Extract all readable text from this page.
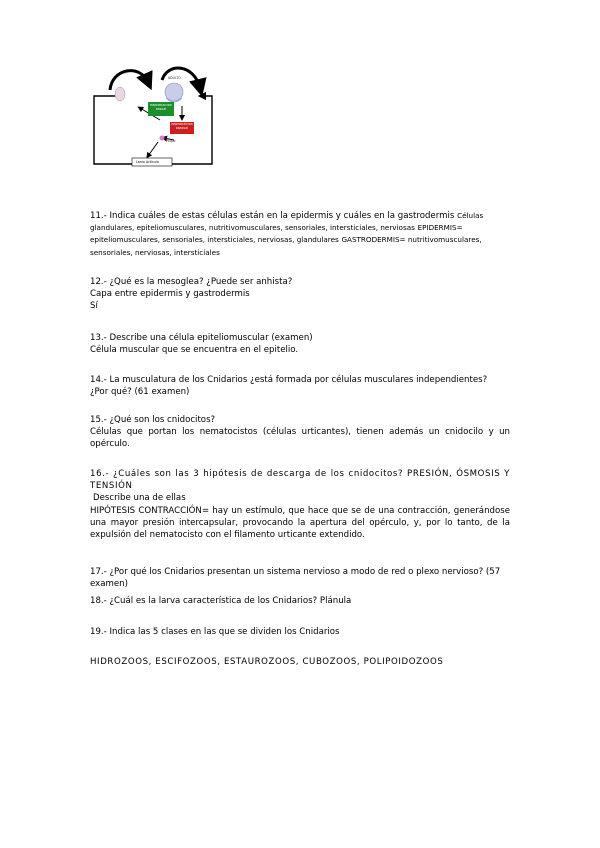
ADULTO
Reproducción sexual
Reproducción asexual
Pólipo
Larva Actínula

11.- Indica cuáles de estas células están en la epidermis y cuáles en la gastrodermis Células glandulares, epiteliomusculares, nutritivomusculares, sensoriales, intersticiales, nerviosas EPIDERMIS= epiteliomusculares, sensoriales, intersticiales, nerviosas, glandulares GASTRODERMIS= nutritivomusculares, sensoriales, nerviosas, intersticiales

12.- ¿Qué es la mesoglea? ¿Puede ser anhista?

Capa entre epidermis y gastrodermis

Sí

13.- Describe una célula epiteliomuscular (examen)

Célula muscular que se encuentra en el epitelio.

14.- La musculatura de los Cnidarios ¿está formada por células musculares independientes?

¿Por qué? (61 examen)

15.- ¿Qué son los cnidocitos?

Células que portan los nematocistos (células urticantes), tienen además un cnidocilo y un opérculo.

16.- ¿Cuáles son las 3 hipótesis de descarga de los cnidocitos? PRESIÓN, ÓSMOSIS Y TENSIÓN

Describe una de ellas

HIPÓTESIS CONTRACCIÓN= hay un estímulo, que hace que se de una contracción, generándose una mayor presión intercapsular, provocando la apertura del opérculo, y, por lo tanto, de la expulsión del nematocisto con el filamento urticante extendido.

17.- ¿Por qué los Cnidarios presentan un sistema nervioso a modo de red o plexo nervioso? (57 examen)

18.- ¿Cuál es la larva característica de los Cnidarios? Plánula

19.- Indica las 5 clases en las que se dividen los Cnidarios

HIDROZOOS, ESCIFOZOOS, ESTAUROZOOS, CUBOZOOS, POLIPOIDOZOOS
